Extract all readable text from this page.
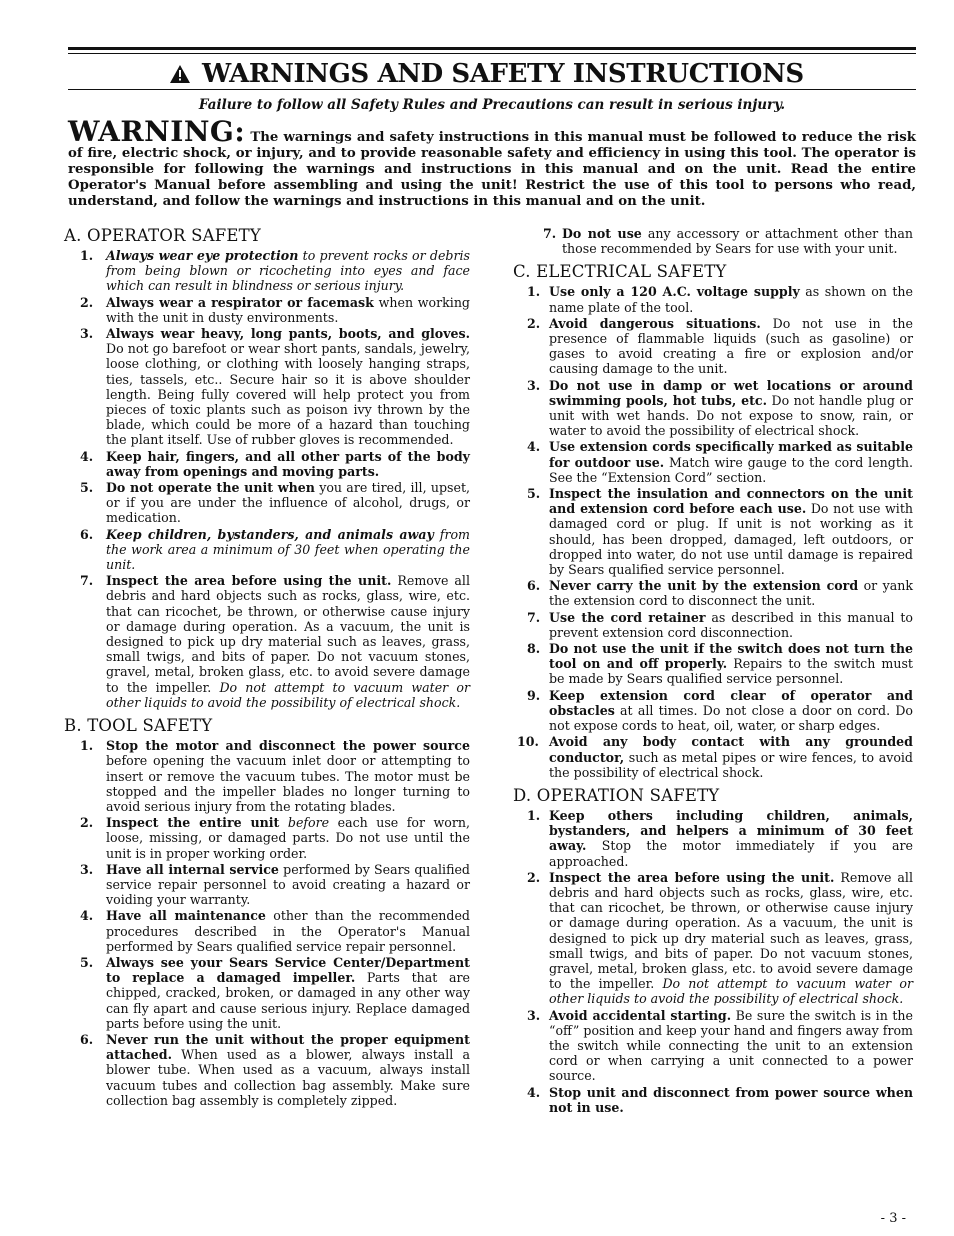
WARNINGS AND SAFETY INSTRUCTIONS
Failure to follow all Safety Rules and Precautions can result in serious injury.

WARNING: The warnings and safety instructions in this manual must be followed to reduce the risk of fire, electric shock, or injury, and to provide reasonable safety and efficiency in using this tool. The operator is responsible for following the warnings and instructions in this manual and on the unit. Read the entire Operator's Manual before assembling and using the unit! Restrict the use of this tool to persons who read, understand, and follow the warnings and instructions in this manual and on the unit.

A. OPERATOR SAFETY
1. Always wear eye protection to prevent rocks or debris from being blown or ricocheting into eyes and face which can result in blindness or serious injury.
2. Always wear a respirator or facemask when working with the unit in dusty environments.
3. Always wear heavy, long pants, boots, and gloves. Do not go barefoot or wear short pants, sandals, jewelry, loose clothing, or clothing with loosely hanging straps, ties, tassels, etc.. Secure hair so it is above shoulder length. Being fully covered will help protect you from pieces of toxic plants such as poison ivy thrown by the blade, which could be more of a hazard than touching the plant itself. Use of rubber gloves is recommended.
4. Keep hair, fingers, and all other parts of the body away from openings and moving parts.
5. Do not operate the unit when you are tired, ill, upset, or if you are under the influence of alcohol, drugs, or medication.
6. Keep children, bystanders, and animals away from the work area a minimum of 30 feet when operating the unit.
7. Inspect the area before using the unit. Remove all debris and hard objects such as rocks, glass, wire, etc. that can ricochet, be thrown, or otherwise cause injury or damage during operation. As a vacuum, the unit is designed to pick up dry material such as leaves, grass, small twigs, and bits of paper. Do not vacuum stones, gravel, metal, broken glass, etc. to avoid severe damage to the impeller. Do not attempt to vacuum water or other liquids to avoid the possibility of electrical shock.
B. TOOL SAFETY
1. Stop the motor and disconnect the power source before opening the vacuum inlet door or attempting to insert or remove the vacuum tubes. The motor must be stopped and the impeller blades no longer turning to avoid serious injury from the rotating blades.
2. Inspect the entire unit before each use for worn, loose, missing, or damaged parts. Do not use until the unit is in proper working order.
3. Have all internal service performed by Sears qualified service repair personnel to avoid creating a hazard or voiding your warranty.
4. Have all maintenance other than the recommended procedures described in the Operator's Manual performed by Sears qualified service repair personnel.
5. Always see your Sears Service Center/Department to replace a damaged impeller. Parts that are chipped, cracked, broken, or damaged in any other way can fly apart and cause serious injury. Replace damaged parts before using the unit.
6. Never run the unit without the proper equipment attached. When used as a blower, always install a blower tube. When used as a vacuum, always install vacuum tubes and collection bag assembly. Make sure collection bag assembly is completely zipped.
7. Do not use any accessory or attachment other than those recommended by Sears for use with your unit.
C. ELECTRICAL SAFETY
1. Use only a 120 A.C. voltage supply as shown on the name plate of the tool.
2. Avoid dangerous situations. Do not use in the presence of flammable liquids (such as gasoline) or gases to avoid creating a fire or explosion and/or causing damage to the unit.
3. Do not use in damp or wet locations or around swimming pools, hot tubs, etc. Do not handle plug or unit with wet hands. Do not expose to snow, rain, or water to avoid the possibility of electrical shock.
4. Use extension cords specifically marked as suitable for outdoor use. Match wire gauge to the cord length. See the “Extension Cord” section.
5. Inspect the insulation and connectors on the unit and extension cord before each use. Do not use with damaged cord or plug. If unit is not working as it should, has been dropped, damaged, left outdoors, or dropped into water, do not use until damage is repaired by Sears qualified service personnel.
6. Never carry the unit by the extension cord or yank the extension cord to disconnect the unit.
7. Use the cord retainer as described in this manual to prevent extension cord disconnection.
8. Do not use the unit if the switch does not turn the tool on and off properly. Repairs to the switch must be made by Sears qualified service personnel.
9. Keep extension cord clear of operator and obstacles at all times. Do not close a door on cord. Do not expose cords to heat, oil, water, or sharp edges.
10. Avoid any body contact with any grounded conductor, such as metal pipes or wire fences, to avoid the possibility of electrical shock.
D. OPERATION SAFETY
1. Keep others including children, animals, bystanders, and helpers a minimum of 30 feet away. Stop the motor immediately if you are approached.
2. Inspect the area before using the unit. Remove all debris and hard objects such as rocks, glass, wire, etc. that can ricochet, be thrown, or otherwise cause injury or damage during operation. As a vacuum, the unit is designed to pick up dry material such as leaves, grass, small twigs, and bits of paper. Do not vacuum stones, gravel, metal, broken glass, etc. to avoid severe damage to the impeller. Do not attempt to vacuum water or other liquids to avoid the possibility of electrical shock.
3. Avoid accidental starting. Be sure the switch is in the “off” position and keep your hand and fingers away from the switch while connecting the unit to an extension cord or when carrying a unit connected to a power source.
4. Stop unit and disconnect from power source when not in use.
- 3 -
